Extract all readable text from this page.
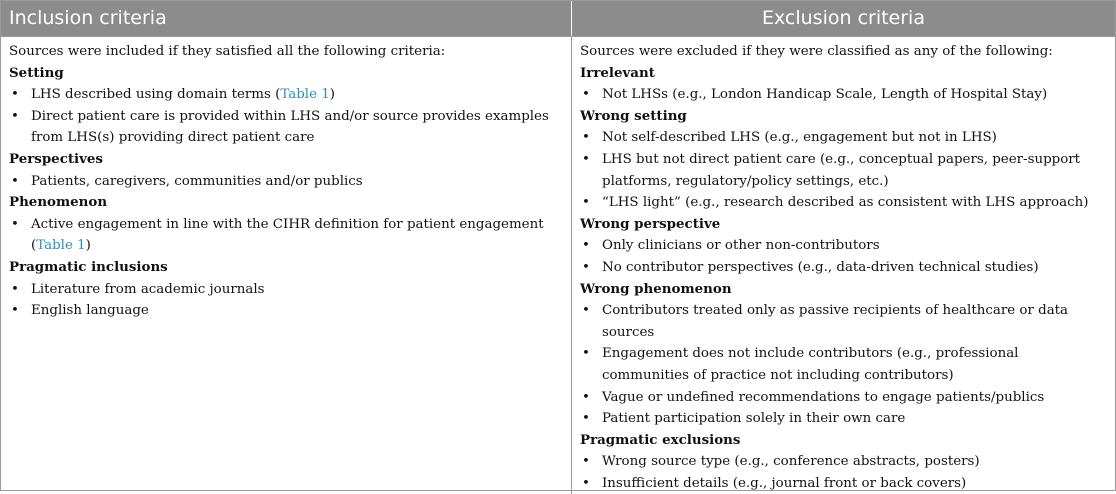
Inclusion criteria	Exclusion criteria
Sources were included if they satisfied all the following criteria:
Setting
• LHS described using domain terms (Table 1)
• Direct patient care is provided within LHS and/or source provides examples from LHS(s) providing direct patient care
Perspectives
• Patients, caregivers, communities and/or publics
Phenomenon
• Active engagement in line with the CIHR definition for patient engagement (Table 1)
Pragmatic inclusions
• Literature from academic journals
• English language
Sources were excluded if they were classified as any of the following:
Irrelevant
• Not LHSs (e.g., London Handicap Scale, Length of Hospital Stay)
Wrong setting
• Not self-described LHS (e.g., engagement but not in LHS)
• LHS but not direct patient care (e.g., conceptual papers, peer-support platforms, regulatory/policy settings, etc.)
• “LHS light” (e.g., research described as consistent with LHS approach)
Wrong perspective
• Only clinicians or other non-contributors
• No contributor perspectives (e.g., data-driven technical studies)
Wrong phenomenon
• Contributors treated only as passive recipients of healthcare or data sources
• Engagement does not include contributors (e.g., professional communities of practice not including contributors)
• Vague or undefined recommendations to engage patients/publics
• Patient participation solely in their own care
Pragmatic exclusions
• Wrong source type (e.g., conference abstracts, posters)
• Insufficient details (e.g., journal front or back covers)
